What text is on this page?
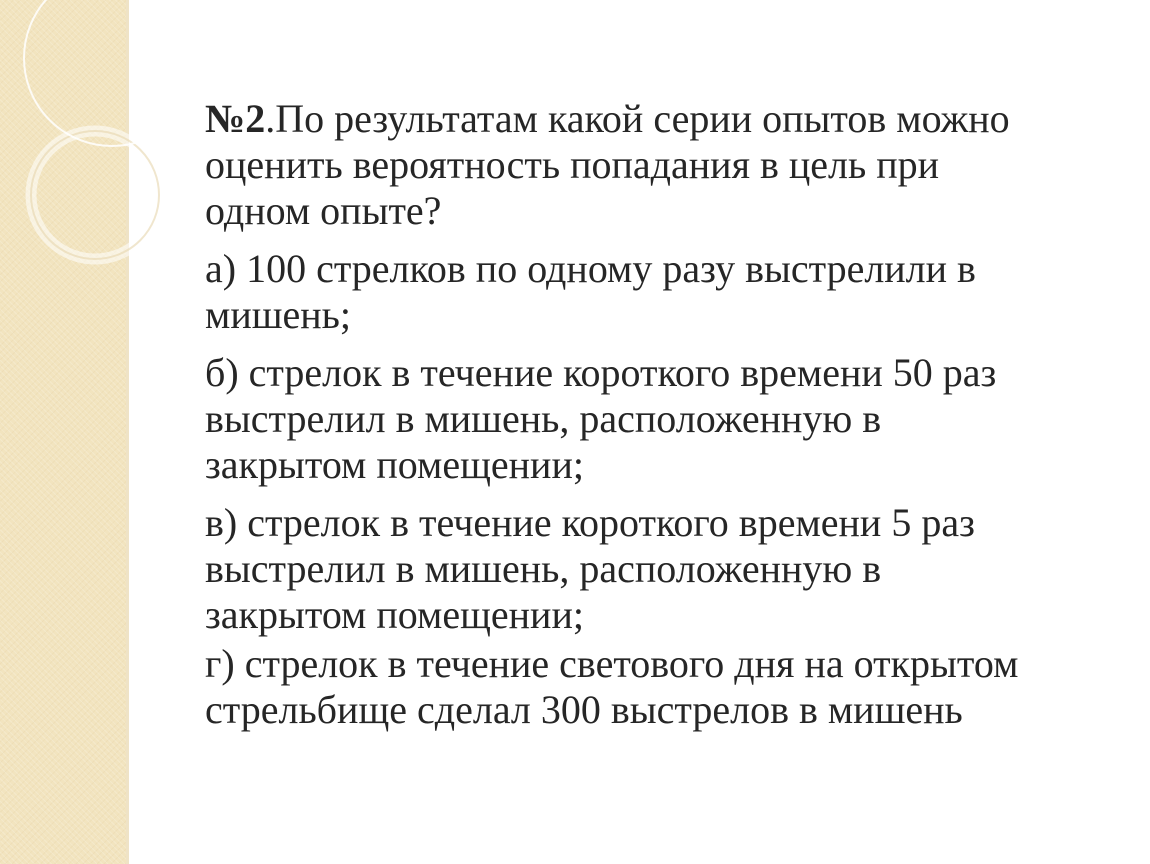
№2.По результатам какой серии опытов можно
оценить вероятность попадания в цель при
одном опыте?

а) 100 стрелков по одному разу выстрелили в
мишень;

б) стрелок в течение короткого времени 50 раз
выстрелил в мишень, расположенную в
закрытом помещении;

в) стрелок в течение короткого времени 5 раз
выстрелил в мишень, расположенную в
закрытом помещении;

г) стрелок в течение светового дня на открытом
стрельбище сделал 300 выстрелов в мишень
